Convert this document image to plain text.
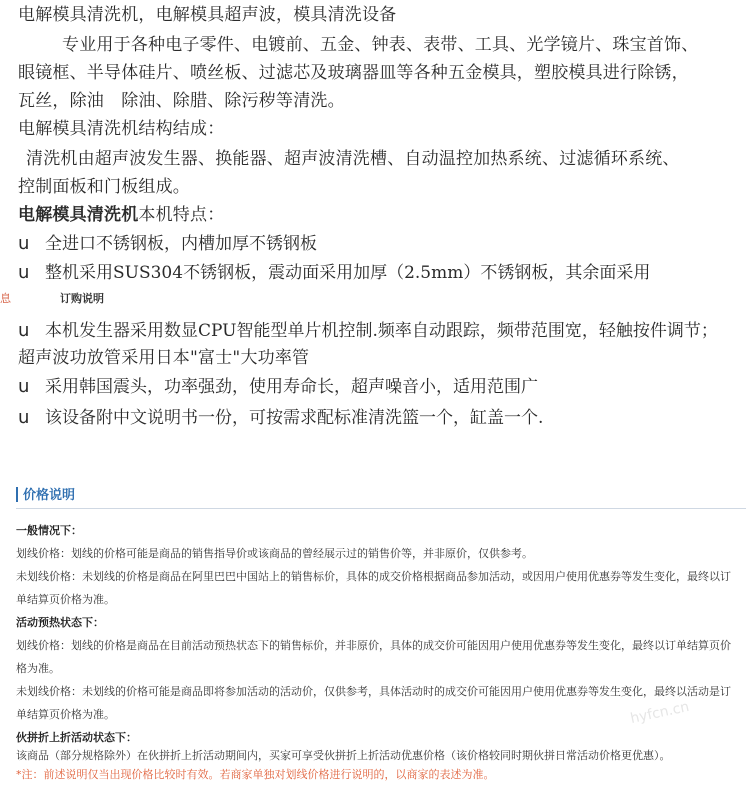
电解模具清洗机，电解模具超声波，模具清洗设备
专业用于各种电子零件、电镀前、五金、钟表、表带、工具、光学镜片、珠宝首饰、
眼镜框、半导体硅片、喷丝板、过滤芯及玻璃器皿等各种五金模具，塑胶模具进行除锈，
瓦丝，除油　除油、除腊、除污秽等清洗。
电解模具清洗机结构结成：
清洗机由超声波发生器、换能器、超声波清洗槽、自动温控加热系统、过滤循环系统、
控制面板和门板组成。
电解模具清洗机本机特点：
u 全进口不锈钢板，内槽加厚不锈钢板
u 整机采用SUS304不锈钢板，震动面采用加厚（2.5mm）不锈钢板，其余面采用
u 本机发生器采用数显CPU智能型单片机控制.频率自动跟踪，频带范围宽，轻触按件调节；
超声波功放管采用日本"富士"大功率管
u 采用韩国震头，功率强劲，使用寿命长，超声噪音小，适用范围广
u 该设备附中文说明书一份，可按需求配标准清洗篮一个，缸盖一个.
息	订购说明
价格说明
一般情况下：
划线价格：划线的价格可能是商品的销售指导价或该商品的曾经展示过的销售价等，并非原价，仅供参考。
未划线价格：未划线的价格是商品在阿里巴巴中国站上的销售标价，具体的成交价格根据商品参加活动，或因用户使用优惠券等发生变化，最终以订
单结算页价格为准。
活动预热状态下：
划线价格：划线的价格是商品在目前活动预热状态下的销售标价，并非原价，具体的成交价可能因用户使用优惠券等发生变化，最终以订单结算页价
格为准。
未划线价格：未划线的价格可能是商品即将参加活动的活动价，仅供参考，具体活动时的成交价可能因用户使用优惠券等发生变化，最终以活动是订
单结算页价格为准。
伙拼折上折活动状态下：
该商品（部分规格除外）在伙拼折上折活动期间内，买家可享受伙拼折上折活动优惠价格（该价格较同时期伙拼日常活动价格更优惠）。
*注：前述说明仅当出现价格比较时有效。若商家单独对划线价格进行说明的，以商家的表述为准。
hyfcn.cn
